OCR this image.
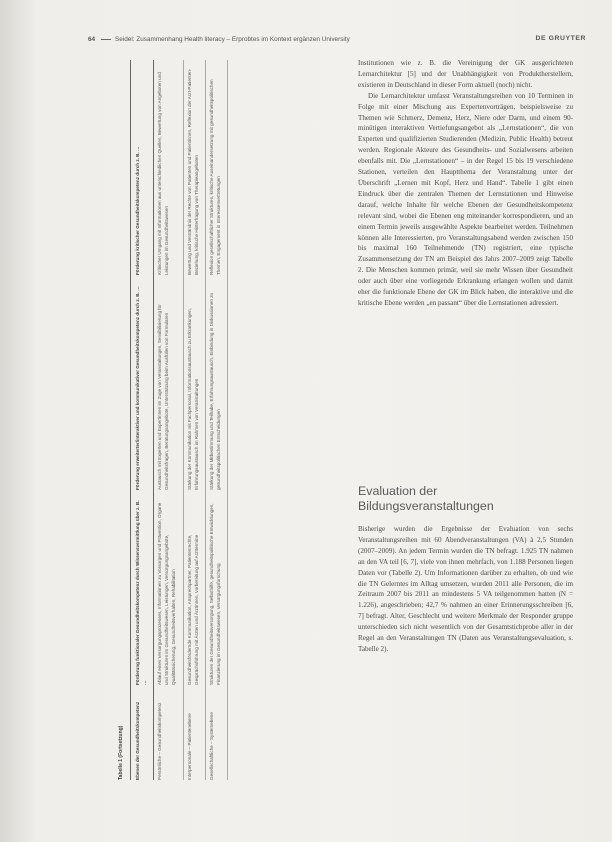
64	Seidel: Zusammenhang Health literacy – Erprobtes im Kontext ergänzen University	DE GRUYTER
Tabelle 1 (Fortsetzung)	Ebenen der Gesundheitskompetenz	Förderung funktionaler Gesundheitskompetenz durch Wissensvermittlung über z. B. …	Förderung erweiterter/interaktiver und kommunikativer Gesundheitskompetenz durch z. B. …	Förderung kritischer Gesundheitskompetenz durch z. B. …
Persönliche – Gesundheitskompetenz	Ablauf eines Versorgungsprozesses, Informationen zu Vorsorgen und Prävention, Organe und Strukturen im Gesundheitswesen, Leistungen, Versorgungsangebote, Qualitätssicherung, Gesundheitsverhalten, Rehabilitation	Austausch mit Experten und Expertinnen im Zuge von Veranstaltungen, Sensibilisierung für Gesundheitsfragen, Beratungsangebote, Unterstützung beim Ausfüllen von Formularen	Kritischer Umgang mit Informationen aus unterschiedlichen Quellen, Bewertung von Angeboten und Leistungen im Gesundheitswesen
Interpersonale – Patientenebene	Gesundheitsfördernde Kommunikation, Ansprechpartner, Patientenrechte, Gesprächsführung mit Ärzten und Ärztinnen, Vorbereitung auf Arzttermine	Stärkung der Kommunikation mit Fachpersonal, Informationsaustausch zu Erkrankungen, Erfahrungsaustausch im Rahmen von Veranstaltungen	Bewertung und Verständnis der Rechte von Patienten und Patientinnen, Reflexion der Arzt-Patienten-Beziehung, kritische Hinterfragung von Therapieangeboten
Gesellschaftliche – Systemebene	Strukturen der Gesundheitsversorgung, Selbsthilfe, gesundheitspolitische Entwicklungen, Finanzierung im Gesundheitswesen, Versorgungsforschung	Stärkung der Mitbestimmung und Teilhabe, Erfahrungsaustausch, Einbindung in Diskussionen zu gesundheitspolitischen Entscheidungen	Reflexion gesellschaftlicher Strukturen, kritische Auseinandersetzung mit gesundheitspolitischen Themen, Engagement in Interessenvertretungen

Institutionen wie z. B. die Vereinigung der GK ausgerichteten Lernarchitektur [5] und der Unabhängigkeit von Produktherstellern, existieren in Deutschland in dieser Form aktuell (noch) nicht.

Die Lernarchitektur umfasst Veranstaltungsreihen von 10 Terminen in Folge mit einer Mischung aus Expertenvorträgen, beispielsweise zu Themen wie Schmerz, Demenz, Herz, Niere oder Darm, und einem 90-minütigen interaktiven Vertiefungsangebot als „Lernstationen“, die von Experten und qualifizierten Studierenden (Medizin, Public Health) betreut werden. Regionale Akteure des Gesundheits- und Sozialwesens arbeiten ebenfalls mit. Die „Lernstationen“ – in der Regel 15 bis 19 verschiedene Stationen, verteilen den Hauptthema der Veranstaltung unter der Überschrift „Lernen mit Kopf, Herz und Hand“. Tabelle 1 gibt einen Eindruck über die zentralen Themen der Lernstationen und Hinweise darauf, welche Inhalte für welche Ebenen der Gesundheitskompetenz relevant sind, wobei die Ebenen eng miteinander korrespondieren, und an einem Termin jeweils ausgewählte Aspekte bearbeitet werden. Teilnehmen können alle Interessierten, pro Veranstaltungsabend werden zwischen 150 bis maximal 160 Teilnehmende (TN) registriert, eine typische Zusammensetzung der TN am Beispiel des Jahrs 2007–2009 zeigt Tabelle 2. Die Menschen kommen primär, weil sie mehr Wissen über Gesundheit oder auch über eine vorliegende Erkrankung erlangen wollen und damit eher die funktionale Ebene der GK im Blick haben, die interaktive und die kritische Ebene werden „en passant“ über die Lernstationen adressiert.

Evaluation der Bildungsveranstaltungen

Bisherige wurden die Ergebnisse der Evaluation von sechs Veranstaltungsreihen mit 60 Abendveranstaltungen (VA) à 2,5 Stunden (2007–2009). An jedem Termin wurden die TN befragt. 1.925 TN nahmen an den VA teil [6, 7], viele von ihnen mehrfach, von 1.188 Personen liegen Daten vor (Tabelle 2). Um Informationen darüber zu erhalten, ob und wie die TN Gelerntes im Alltag umsetzen, wurden 2011 alle Personen, die im Zeitraum 2007 bis 2011 an mindestens 5 VA teilgenommen hatten (N = 1.226), angeschrieben; 42,7 % nahmen an einer Erinnerungsschreiben [6, 7] befragt. Alter, Geschlecht und weitere Merkmale der Responder gruppe unterschieden sich nicht wesentlich von der Gesamtstichprobe aller in der Regel an den Veranstaltungen TN (Daten aus Veranstaltungsevaluation, s. Tabelle 2).
